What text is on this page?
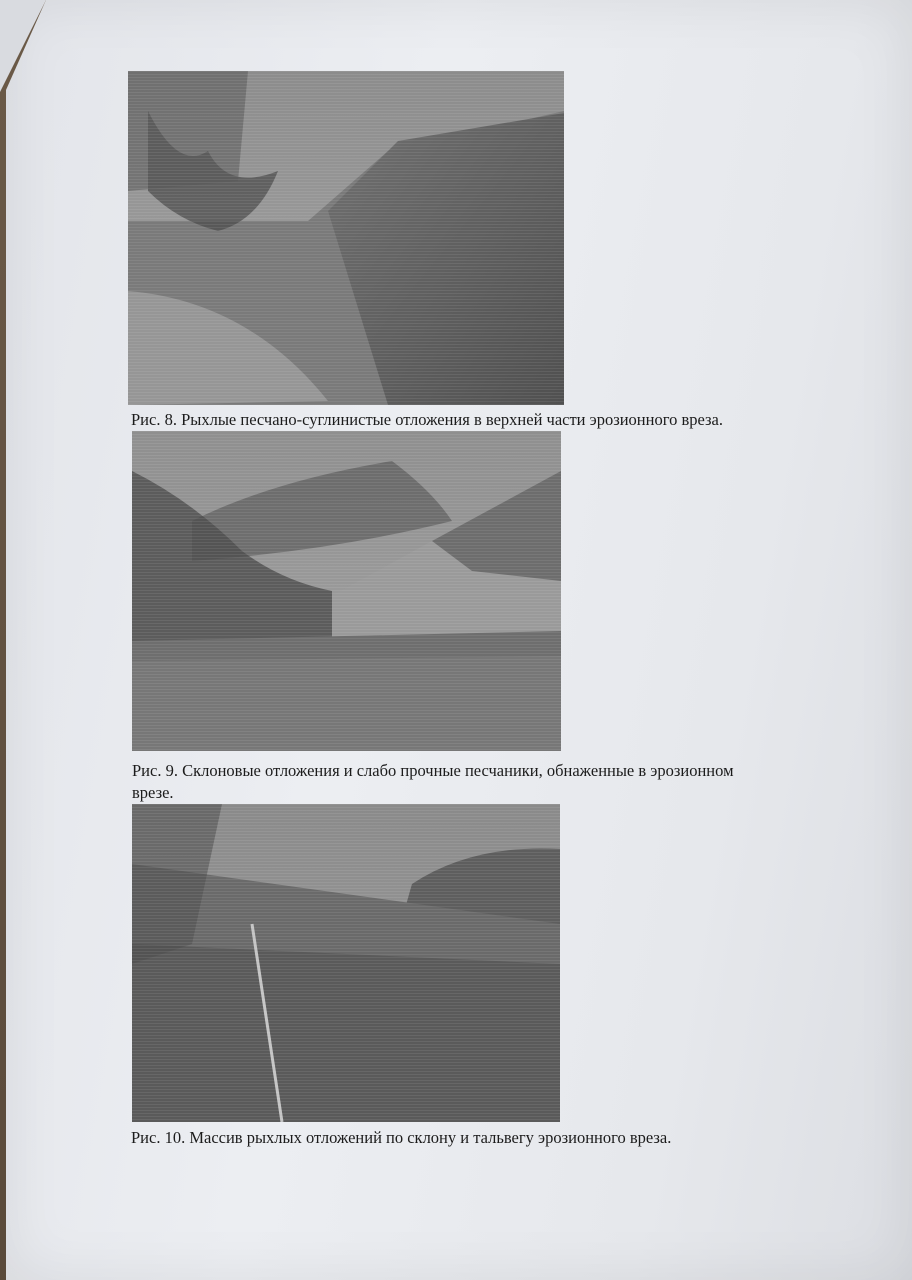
Рис. 8. Рыхлые песчано-суглинистые отложения в верхней части эрозионного вреза.
Рис. 9. Склоновые отложения и слабо прочные песчаники, обнаженные в эрозионном
врезе.
Рис. 10. Массив рыхлых отложений по склону и тальвегу эрозионного вреза.
